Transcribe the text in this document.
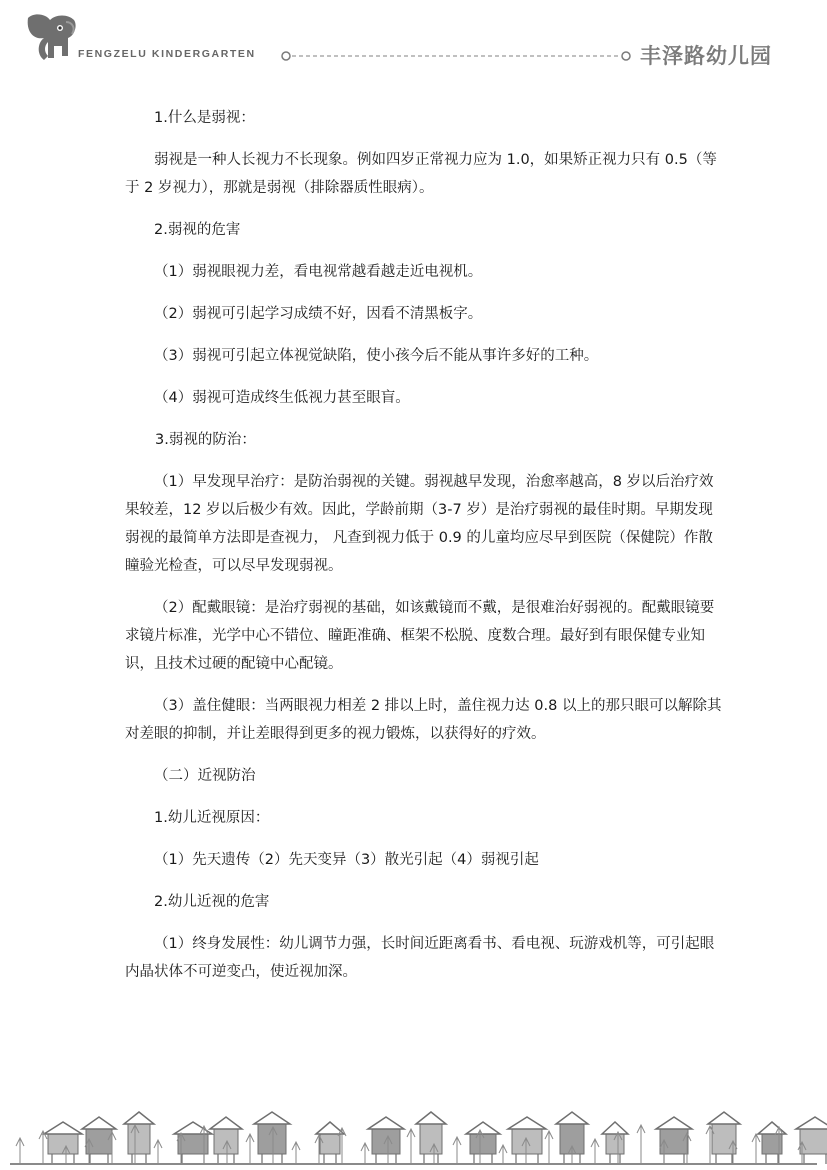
FENGZELU KINDERGARTEN	丰泽路幼儿园

1.什么是弱视：

弱视是一种人长视力不长现象。例如四岁正常视力应为 1.0，如果矫正视力只有 0.5（等于 2 岁视力），那就是弱视（排除器质性眼病）。

2.弱视的危害

（1）弱视眼视力差，看电视常越看越走近电视机。

（2）弱视可引起学习成绩不好，因看不清黑板字。

（3）弱视可引起立体视觉缺陷，使小孩今后不能从事许多好的工种。

（4）弱视可造成终生低视力甚至眼盲。

3.弱视的防治：

（1）早发现早治疗：是防治弱视的关键。弱视越早发现，治愈率越高，8 岁以后治疗效果较差，12 岁以后极少有效。因此，学龄前期（3-7 岁）是治疗弱视的最佳时期。早期发现弱视的最简单方法即是查视力， 凡查到视力低于 0.9 的儿童均应尽早到医院（保健院）作散瞳验光检查，可以尽早发现弱视。

（2）配戴眼镜：是治疗弱视的基础，如该戴镜而不戴，是很难治好弱视的。配戴眼镜要求镜片标准，光学中心不错位、瞳距准确、框架不松脱、度数合理。最好到有眼保健专业知识，且技术过硬的配镜中心配镜。

（3）盖住健眼：当两眼视力相差 2 排以上时，盖住视力达 0.8 以上的那只眼可以解除其对差眼的抑制，并让差眼得到更多的视力锻炼，以获得好的疗效。

（二）近视防治

1.幼儿近视原因：

（1）先天遗传（2）先天变异（3）散光引起（4）弱视引起

2.幼儿近视的危害

（1）终身发展性：幼儿调节力强，长时间近距离看书、看电视、玩游戏机等，可引起眼内晶状体不可逆变凸，使近视加深。
